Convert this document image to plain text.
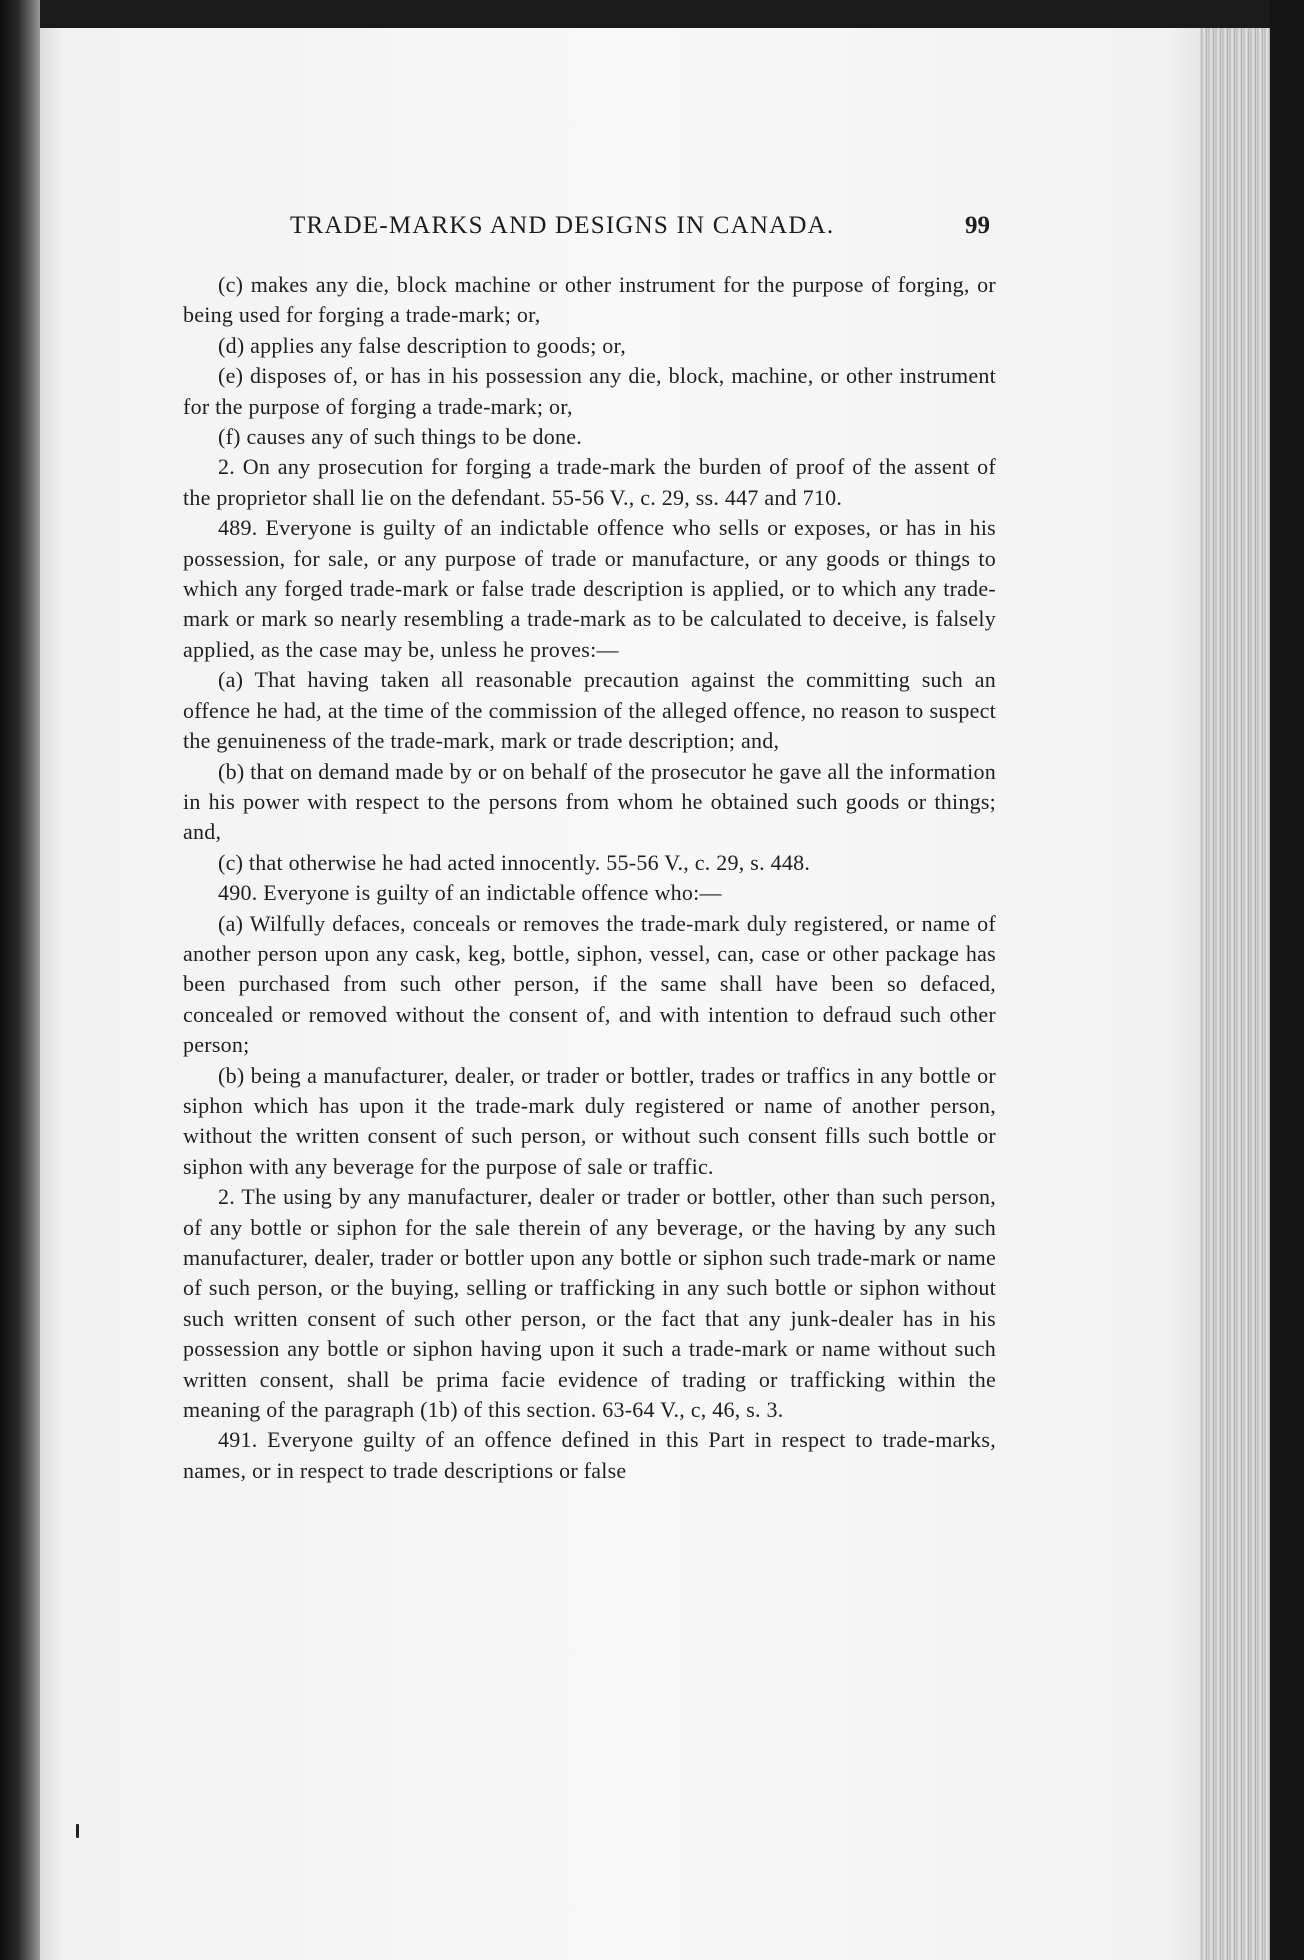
TRADE-MARKS AND DESIGNS IN CANADA.	99

(c) makes any die, block machine or other instrument for the purpose of forging, or being used for forging a trade-mark; or,

(d) applies any false description to goods; or,

(e) disposes of, or has in his possession any die, block, machine, or other instrument for the purpose of forging a trade-mark; or,

(f) causes any of such things to be done.

2. On any prosecution for forging a trade-mark the burden of proof of the assent of the proprietor shall lie on the defendant. 55-56 V., c. 29, ss. 447 and 710.

489. Everyone is guilty of an indictable offence who sells or exposes, or has in his possession, for sale, or any purpose of trade or manufacture, or any goods or things to which any forged trade-mark or false trade description is applied, or to which any trade-mark or mark so nearly resembling a trade-mark as to be calculated to deceive, is falsely applied, as the case may be, unless he proves:—

(a) That having taken all reasonable precaution against the committing such an offence he had, at the time of the commission of the alleged offence, no reason to suspect the genuineness of the trade-mark, mark or trade description; and,

(b) that on demand made by or on behalf of the prosecutor he gave all the information in his power with respect to the persons from whom he obtained such goods or things; and,

(c) that otherwise he had acted innocently. 55-56 V., c. 29, s. 448.

490. Everyone is guilty of an indictable offence who:—

(a) Wilfully defaces, conceals or removes the trade-mark duly registered, or name of another person upon any cask, keg, bottle, siphon, vessel, can, case or other package has been purchased from such other person, if the same shall have been so defaced, concealed or removed without the consent of, and with intention to defraud such other person;

(b) being a manufacturer, dealer, or trader or bottler, trades or traffics in any bottle or siphon which has upon it the trade-mark duly registered or name of another person, without the written consent of such person, or without such consent fills such bottle or siphon with any beverage for the purpose of sale or traffic.

2. The using by any manufacturer, dealer or trader or bottler, other than such person, of any bottle or siphon for the sale therein of any beverage, or the having by any such manufacturer, dealer, trader or bottler upon any bottle or siphon such trade-mark or name of such person, or the buying, selling or trafficking in any such bottle or siphon without such written consent of such other person, or the fact that any junk-dealer has in his possession any bottle or siphon having upon it such a trade-mark or name without such written consent, shall be prima facie evidence of trading or trafficking within the meaning of the paragraph (1b) of this section. 63-64 V., c, 46, s. 3.

491. Everyone guilty of an offence defined in this Part in respect to trade-marks, names, or in respect to trade descriptions or false
